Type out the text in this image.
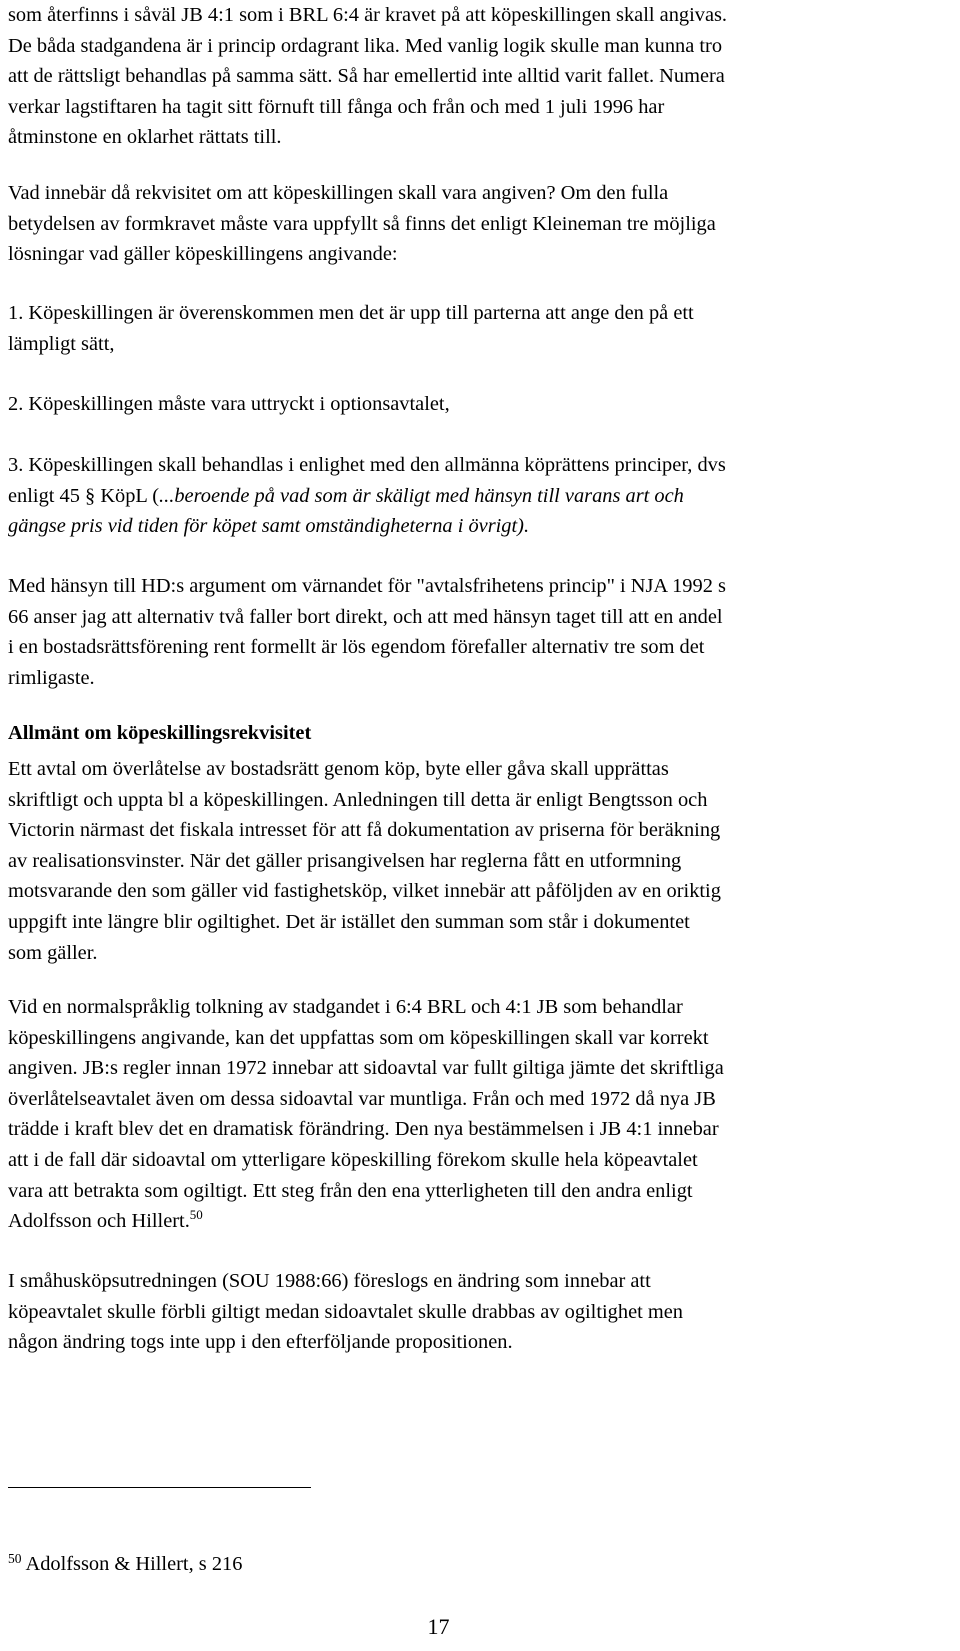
som återfinns i såväl JB 4:1 som i BRL 6:4 är kravet på att köpeskillingen skall angivas.
De båda stadgandena är i princip ordagrant lika. Med vanlig logik skulle man kunna tro
att de rättsligt behandlas på samma sätt. Så har emellertid inte alltid varit fallet. Numera
verkar lagstiftaren ha tagit sitt förnuft till fånga och från och med 1 juli 1996 har
åtminstone en oklarhet rättats till.

Vad innebär då rekvisitet om att köpeskillingen skall vara angiven? Om den fulla
betydelsen av formkravet måste vara uppfyllt så finns det enligt Kleineman tre möjliga
lösningar vad gäller köpeskillingens angivande:

1. Köpeskillingen är överenskommen men det är upp till parterna att ange den på ett
lämpligt sätt,

2. Köpeskillingen måste vara uttryckt i optionsavtalet,

3. Köpeskillingen skall behandlas i enlighet med den allmänna köprättens principer, dvs
enligt 45 § KöpL (...beroende på vad som är skäligt med hänsyn till varans art och
gängse pris vid tiden för köpet samt omständigheterna i övrigt).

Med hänsyn till HD:s argument om värnandet för "avtalsfrihetens princip" i NJA 1992 s
66 anser jag att alternativ två faller bort direkt, och att med hänsyn taget till att en andel
i en bostadsrättsförening rent formellt är lös egendom förefaller alternativ tre som det
rimligaste.

Allmänt om köpeskillingsrekvisitet

Ett avtal om överlåtelse av bostadsrätt genom köp, byte eller gåva skall upprättas
skriftligt och uppta bl a köpeskillingen. Anledningen till detta är enligt Bengtsson och
Victorin närmast det fiskala intresset för att få dokumentation av priserna för beräkning
av realisationsvinster. När det gäller prisangivelsen har reglerna fått en utformning
motsvarande den som gäller vid fastighetsköp, vilket innebär att påföljden av en oriktig
uppgift inte längre blir ogiltighet. Det är istället den summan som står i dokumentet
som gäller.

Vid en normalspråklig tolkning av stadgandet i 6:4 BRL och 4:1 JB som behandlar
köpeskillingens angivande, kan det uppfattas som om köpeskillingen skall var korrekt
angiven. JB:s regler innan 1972 innebar att sidoavtal var fullt giltiga jämte det skriftliga
överlåtelseavtalet även om dessa sidoavtal var muntliga. Från och med 1972 då nya JB
trädde i kraft blev det en dramatisk förändring. Den nya bestämmelsen i JB 4:1 innebar
att i de fall där sidoavtal om ytterligare köpeskilling förekom skulle hela köpeavtalet
vara att betrakta som ogiltigt. Ett steg från den ena ytterligheten till den andra enligt
Adolfsson och Hillert.$^{50}$

I småhusköpsutredningen (SOU 1988:66) föreslogs en ändring som innebar att
köpeavtalet skulle förbli giltigt medan sidoavtalet skulle drabbas av ogiltighet men
någon ändring togs inte upp i den efterföljande propositionen.

$^{50}$ Adolfsson & Hillert, s 216
17
